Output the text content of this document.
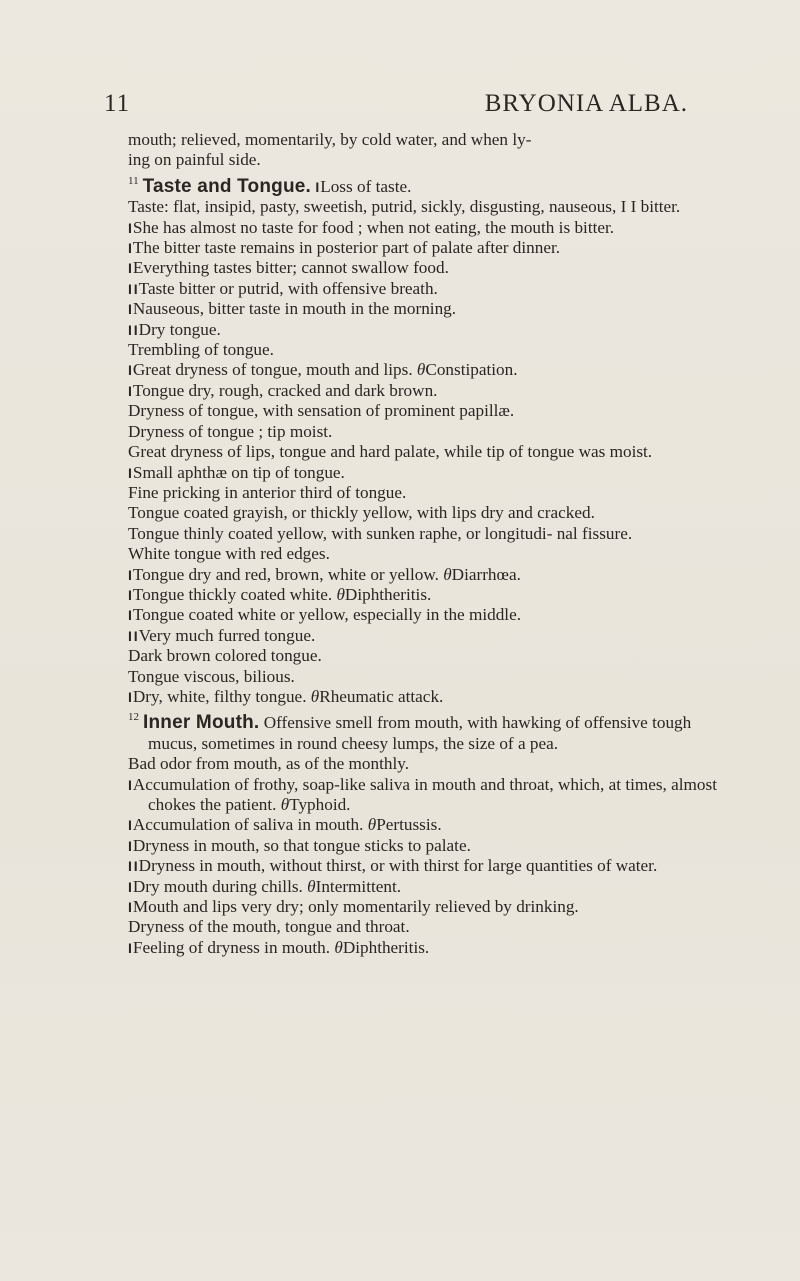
11	BRYONIA ALBA.

mouth; relieved, momentarily, by cold water, and when ly-

ing on painful side.

$^{11}$ Taste and Tongue. I Loss of taste.

Taste: flat, insipid, pasty, sweetish, putrid, sickly, disgusting, nauseous, I I bitter.

I She has almost no taste for food ; when not eating, the mouth is bitter.

I The bitter taste remains in posterior part of palate after dinner.

I Everything tastes bitter; cannot swallow food.

I I Taste bitter or putrid, with offensive breath.

I Nauseous, bitter taste in mouth in the morning.

I I Dry tongue.

Trembling of tongue.

I Great dryness of tongue, mouth and lips. θConstipation.

I Tongue dry, rough, cracked and dark brown.

Dryness of tongue, with sensation of prominent papillæ.

Dryness of tongue ; tip moist.

Great dryness of lips, tongue and hard palate, while tip of tongue was moist.

I Small aphthæ on tip of tongue.

Fine pricking in anterior third of tongue.

Tongue coated grayish, or thickly yellow, with lips dry and cracked.

Tongue thinly coated yellow, with sunken raphe, or longitudi- nal fissure.

White tongue with red edges.

I Tongue dry and red, brown, white or yellow. θDiarrhœa.

I Tongue thickly coated white. θDiphtheritis.

I Tongue coated white or yellow, especially in the middle.

I I Very much furred tongue.

Dark brown colored tongue.

Tongue viscous, bilious.

I Dry, white, filthy tongue. θRheumatic attack.

$^{12}$ Inner Mouth. Offensive smell from mouth, with hawking of offensive tough mucus, sometimes in round cheesy lumps, the size of a pea.

Bad odor from mouth, as of the monthly.

I Accumulation of frothy, soap-like saliva in mouth and throat, which, at times, almost chokes the patient. θTyphoid.

I Accumulation of saliva in mouth. θPertussis.

I Dryness in mouth, so that tongue sticks to palate.

I I Dryness in mouth, without thirst, or with thirst for large quantities of water.

I Dry mouth during chills. θIntermittent.

I Mouth and lips very dry; only momentarily relieved by drinking.

Dryness of the mouth, tongue and throat.

I Feeling of dryness in mouth. θDiphtheritis.
